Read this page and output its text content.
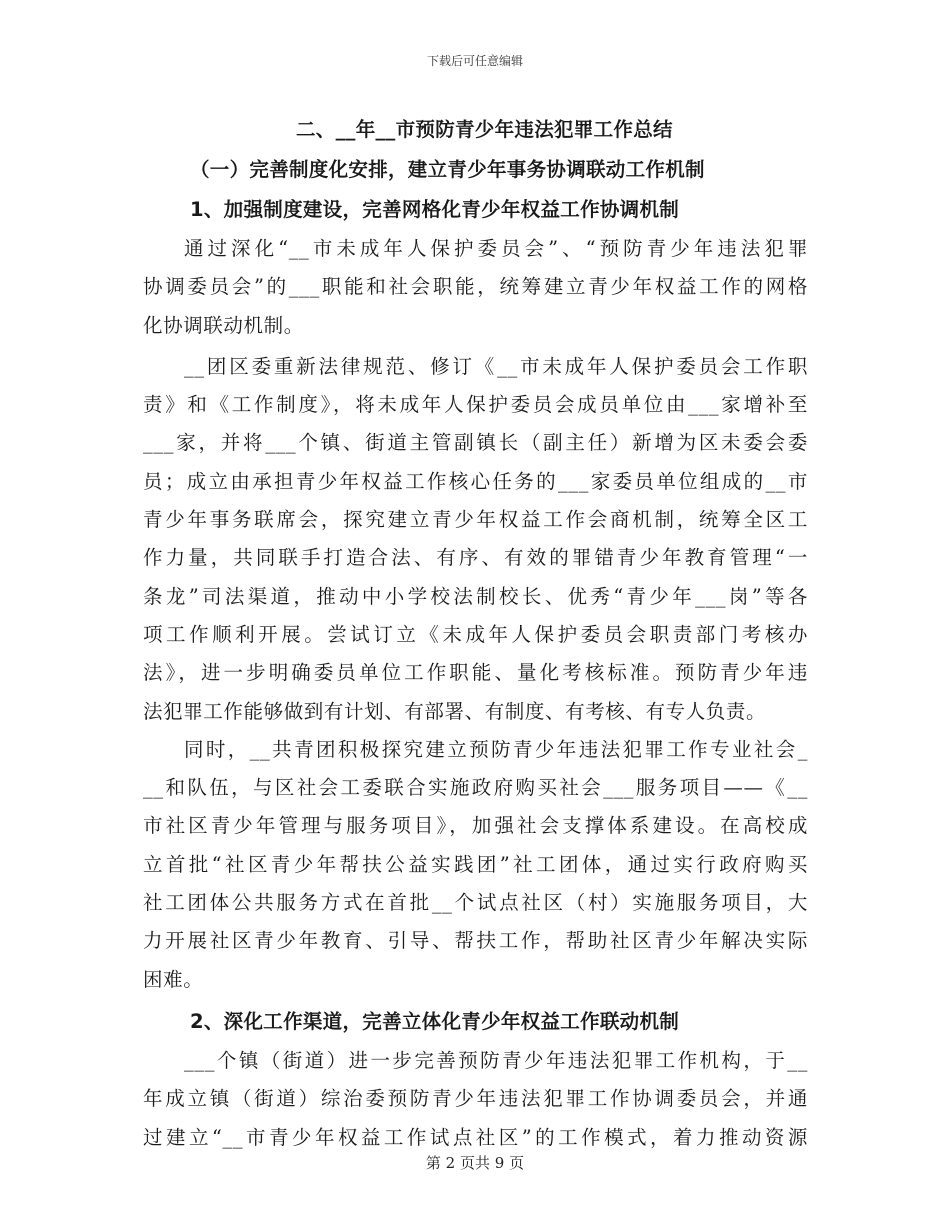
下载后可任意编辑
二、__年__市预防青少年违法犯罪工作总结
（一）完善制度化安排，建立青少年事务协调联动工作机制
1、加强制度建设，完善网格化青少年权益工作协调机制

通过深化“__市未成年人保护委员会”、“预防青少年违法犯罪
协调委员会”的___职能和社会职能，统筹建立青少年权益工作的网格
化协调联动机制。

__团区委重新法律规范、修订《__市未成年人保护委员会工作职
责》和《工作制度》，将未成年人保护委员会成员单位由___家增补至
___家，并将___个镇、街道主管副镇长（副主任）新增为区未委会委
员；成立由承担青少年权益工作核心任务的___家委员单位组成的__市
青少年事务联席会，探究建立青少年权益工作会商机制，统筹全区工
作力量，共同联手打造合法、有序、有效的罪错青少年教育管理“一
条龙”司法渠道，推动中小学校法制校长、优秀“青少年___岗”等各
项工作顺利开展。尝试订立《未成年人保护委员会职责部门考核办
法》，进一步明确委员单位工作职能、量化考核标准。预防青少年违
法犯罪工作能够做到有计划、有部署、有制度、有考核、有专人负责。

同时，__共青团积极探究建立预防青少年违法犯罪工作专业社会_
__和队伍，与区社会工委联合实施政府购买社会___服务项目——《__
市社区青少年管理与服务项目》，加强社会支撑体系建设。在高校成
立首批“社区青少年帮扶公益实践团”社工团体，通过实行政府购买
社工团体公共服务方式在首批__个试点社区（村）实施服务项目，大
力开展社区青少年教育、引导、帮扶工作，帮助社区青少年解决实际
困难。

2、深化工作渠道，完善立体化青少年权益工作联动机制

___个镇（街道）进一步完善预防青少年违法犯罪工作机构，于__
年成立镇（街道）综治委预防青少年违法犯罪工作协调委员会，并通
过建立“__市青少年权益工作试点社区”的工作模式，着力推动资源

第 2 页共 9 页
